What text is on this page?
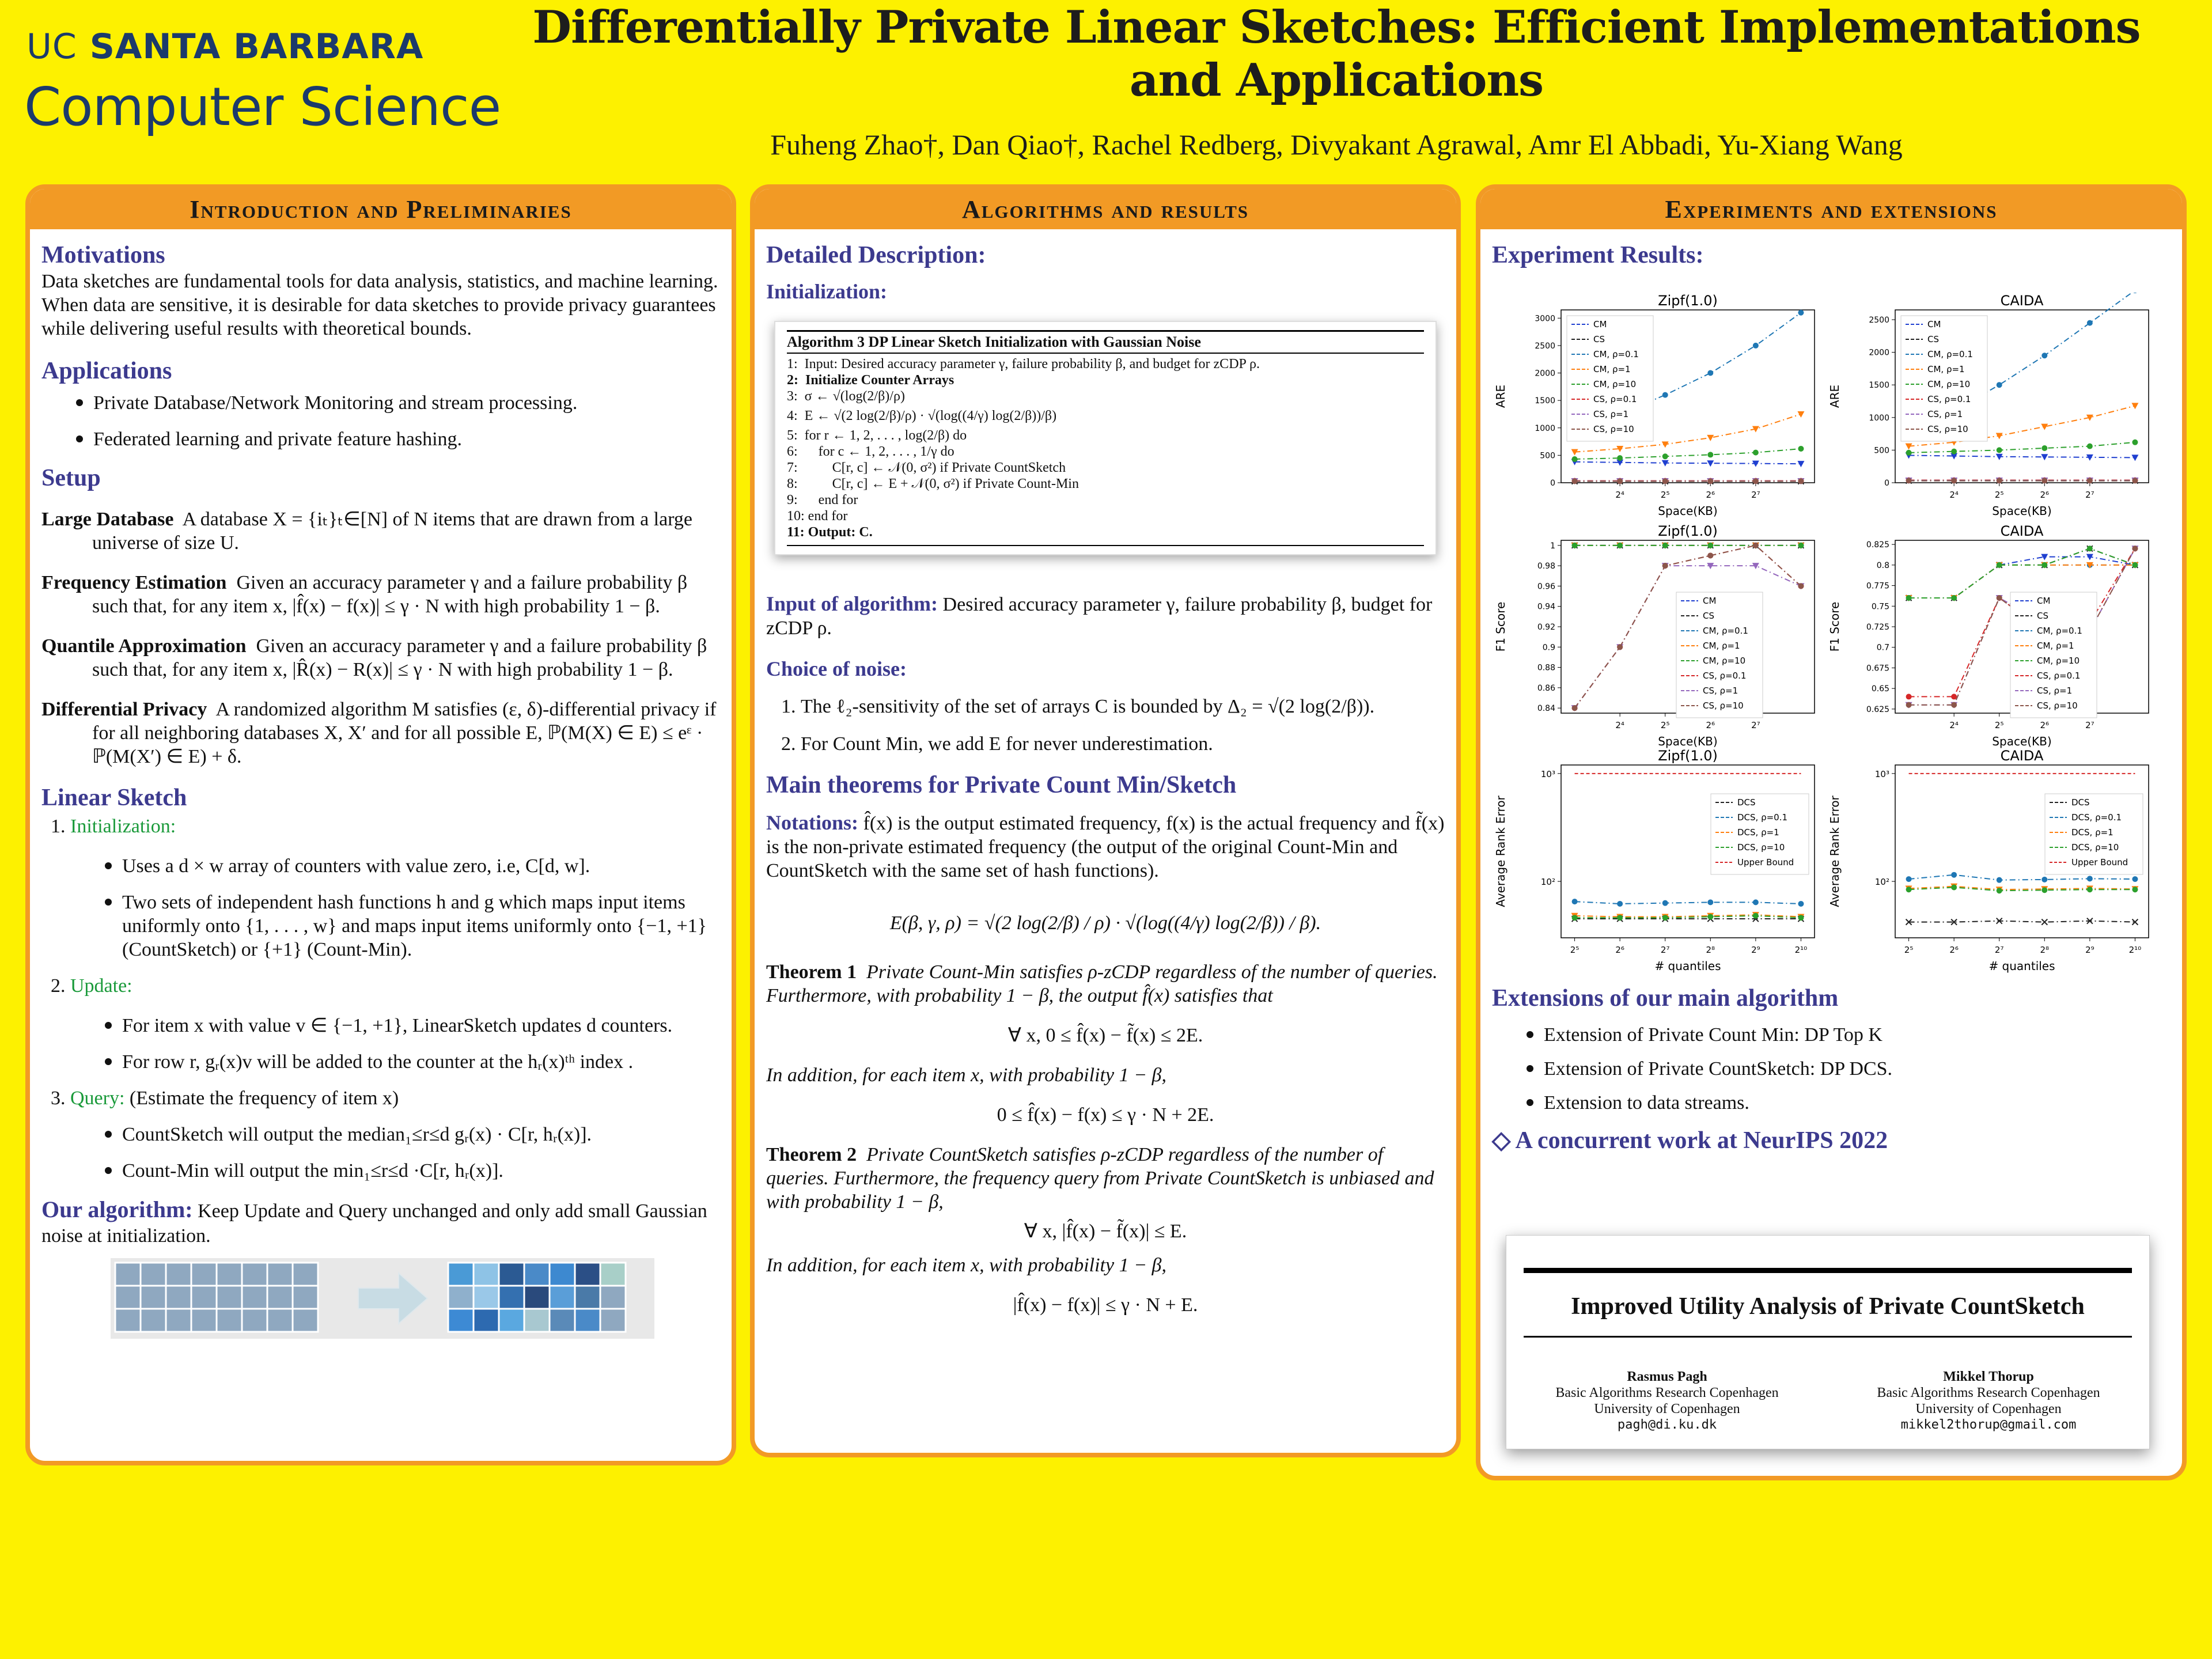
UC SANTA BARBARA
Computer Science
Differentially Private Linear Sketches: Efficient Implementations and Applications
Fuheng Zhao†, Dan Qiao†, Rachel Redberg, Divyakant Agrawal, Amr El Abbadi, Yu-Xiang Wang
Introduction and Preliminaries
Motivations
Data sketches are fundamental tools for data analysis, statistics, and machine learning. When data are sensitive, it is desirable for data sketches to provide privacy guarantees while delivering useful results with theoretical bounds.
Applications
Private Database/Network Monitoring and stream processing.
Federated learning and private feature hashing.
Setup
Large Database A database X = {iₜ}ₜ∈[N] of N items that are drawn from a large universe of size U.
Frequency Estimation Given an accuracy parameter γ and a failure probability β such that, for any item x, |f̂(x) − f(x)| ≤ γ · N with high probability 1 − β.
Quantile Approximation Given an accuracy parameter γ and a failure probability β such that, for any item x, |R̂(x) − R(x)| ≤ γ · N with high probability 1 − β.
Differential Privacy A randomized algorithm M satisfies (ε, δ)-differential privacy if for all neighboring databases X, X′ and for all possible E, ℙ(M(X) ∈ E) ≤ eᵋ · ℙ(M(X′) ∈ E) + δ.
Linear Sketch
1. Initialization:
Uses a d × w array of counters with value zero, i.e, C[d, w].
Two sets of independent hash functions h and g which maps input items uniformly onto {1, . . . , w} and maps input items uniformly onto {−1, +1} (CountSketch) or {+1} (Count-Min).
2. Update:
For item x with value v ∈ {−1, +1}, LinearSketch updates d counters.
For row r, gᵣ(x)v will be added to the counter at the hᵣ(x)ᵗʰ index .
3. Query: (Estimate the frequency of item x)
CountSketch will output the median₁≤r≤d gᵣ(x) · C[r, hᵣ(x)].
Count-Min will output the min₁≤r≤d ·C[r, hᵣ(x)].
Our algorithm: Keep Update and Query unchanged and only add small Gaussian noise at initialization.
Algorithms and results
Detailed Description:
Initialization:
Algorithm 3 DP Linear Sketch Initialization with Gaussian Noise
1:  Input: Desired accuracy parameter γ, failure probability β, and budget for zCDP ρ.
2:  Initialize Counter Arrays
3:  σ ← √(log(2/β)/ρ)
4:  E ← √(2 log(2/β)/ρ) · √(log((4/γ) log(2/β))/β)
5:  for r ← 1, 2, . . . , log(2/β) do
6:      for c ← 1, 2, . . . , 1/γ do
7:          C[r, c] ← 𝒩(0, σ²) if Private CountSketch
8:          C[r, c] ← E + 𝒩(0, σ²) if Private Count-Min
9:      end for
10: end for
11: Output: C.
Input of algorithm: Desired accuracy parameter γ, failure probability β, budget for zCDP ρ.
Choice of noise:
1. The ℓ₂-sensitivity of the set of arrays C is bounded by Δ₂ = √(2 log(2/β)).
2. For Count Min, we add E for never underestimation.
Main theorems for Private Count Min/Sketch
Notations: f̂(x) is the output estimated frequency, f(x) is the actual frequency and f̃(x) is the non-private estimated frequency (the output of the original Count-Min and CountSketch with the same set of hash functions).
E(β, γ, ρ) = √(2 log(2/β) / ρ) · √(log((4/γ) log(2/β)) / β).
Theorem 1 Private Count-Min satisfies ρ-zCDP regardless of the number of queries. Furthermore, with probability 1 − β, the output f̂(x) satisfies that
∀ x, 0 ≤ f̂(x) − f̃(x) ≤ 2E.
In addition, for each item x, with probability 1 − β,
0 ≤ f̂(x) − f(x) ≤ γ · N + 2E.
Theorem 2 Private CountSketch satisfies ρ-zCDP regardless of the number of queries. Furthermore, the frequency query from Private CountSketch is unbiased and with probability 1 − β,
∀ x, |f̂(x) − f̃(x)| ≤ E.
In addition, for each item x, with probability 1 − β,
|f̂(x) − f(x)| ≤ γ · N + E.
Experiments and extensions
Experiment Results:
Zipf(1.0)
Space(KB)
ARE
0
500
1000
1500
2000
2500
3000
2⁴	2⁵	2⁶	2⁷
CM
CS
CM, ρ=0.1
CM, ρ=1
CM, ρ=10
CS, ρ=0.1
CS, ρ=1
CS, ρ=10
CAIDA
Space(KB)
ARE
0
500
1000
1500
2000
2500
2⁴	2⁵	2⁶	2⁷
CM
CS
CM, ρ=0.1
CM, ρ=1
CM, ρ=10
CS, ρ=0.1
CS, ρ=1
CS, ρ=10
Zipf(1.0)
Space(KB)
F1 Score
0.84
0.86
0.88
0.9
0.92
0.94
0.96
0.98
1
2⁴	2⁵	2⁶	2⁷
CM
CS
CM, ρ=0.1
CM, ρ=1
CM, ρ=10
CS, ρ=0.1
CS, ρ=1
CS, ρ=10
CAIDA
Space(KB)
F1 Score
0.625
0.65
0.675
0.7
0.725
0.75
0.775
0.8
0.825
2⁴	2⁵	2⁶	2⁷
CM
CS
CM, ρ=0.1
CM, ρ=1
CM, ρ=10
CS, ρ=0.1
CS, ρ=1
CS, ρ=10
Zipf(1.0)
# quantiles
Average Rank Error	10²
10³
2⁵	2⁶	2⁷	2⁸	2⁹	2¹⁰
DCS
DCS, ρ=0.1
DCS, ρ=1
DCS, ρ=10
Upper Bound
CAIDA
# quantiles
Average Rank Error	10²
10³
2⁵	2⁶	2⁷	2⁸	2⁹	2¹⁰
DCS
DCS, ρ=0.1
DCS, ρ=1
DCS, ρ=10
Upper Bound
Extensions of our main algorithm
Extension of Private Count Min: DP Top K
Extension of Private CountSketch: DP DCS.
Extension to data streams.
◇ A concurrent work at NeurIPS 2022
Improved Utility Analysis of Private CountSketch
Rasmus Pagh
Basic Algorithms Research Copenhagen
University of Copenhagen
pagh@di.ku.dk
Mikkel Thorup
Basic Algorithms Research Copenhagen
University of Copenhagen
mikkel2thorup@gmail.com
